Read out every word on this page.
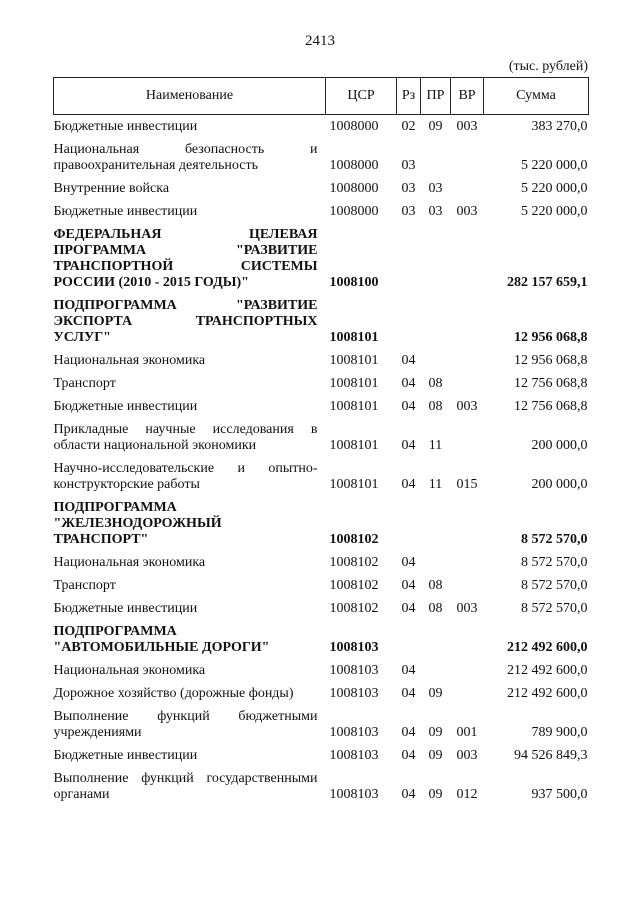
2413
(тыс. рублей)
Наименование	ЦСР	Рз	ПР	ВР	Сумма
Бюджетные инвестиции	1008000	02	09	003	383 270,0
Национальная безопасность и правоохранительная деятельность	1008000	03			5 220 000,0
Внутренние войска	1008000	03	03		5 220 000,0
Бюджетные инвестиции	1008000	03	03	003	5 220 000,0
ФЕДЕРАЛЬНАЯ ЦЕЛЕВАЯ ПРОГРАММА "РАЗВИТИЕ ТРАНСПОРТНОЙ СИСТЕМЫ РОССИИ (2010 - 2015 ГОДЫ)"	1008100				282 157 659,1
ПОДПРОГРАММА "РАЗВИТИЕ ЭКСПОРТА ТРАНСПОРТНЫХ УСЛУГ"	1008101				12 956 068,8
Национальная экономика	1008101	04			12 956 068,8
Транспорт	1008101	04	08		12 756 068,8
Бюджетные инвестиции	1008101	04	08	003	12 756 068,8
Прикладные научные исследования в области национальной экономики	1008101	04	11		200 000,0
Научно-исследовательские и опытно-конструкторские работы	1008101	04	11	015	200 000,0
ПОДПРОГРАММА "ЖЕЛЕЗНОДОРОЖНЫЙ ТРАНСПОРТ"	1008102				8 572 570,0
Национальная экономика	1008102	04			8 572 570,0
Транспорт	1008102	04	08		8 572 570,0
Бюджетные инвестиции	1008102	04	08	003	8 572 570,0
ПОДПРОГРАММА "АВТОМОБИЛЬНЫЕ ДОРОГИ"	1008103				212 492 600,0
Национальная экономика	1008103	04			212 492 600,0
Дорожное хозяйство (дорожные фонды)	1008103	04	09		212 492 600,0
Выполнение функций бюджетными учреждениями	1008103	04	09	001	789 900,0
Бюджетные инвестиции	1008103	04	09	003	94 526 849,3
Выполнение функций государственными органами	1008103	04	09	012	937 500,0
